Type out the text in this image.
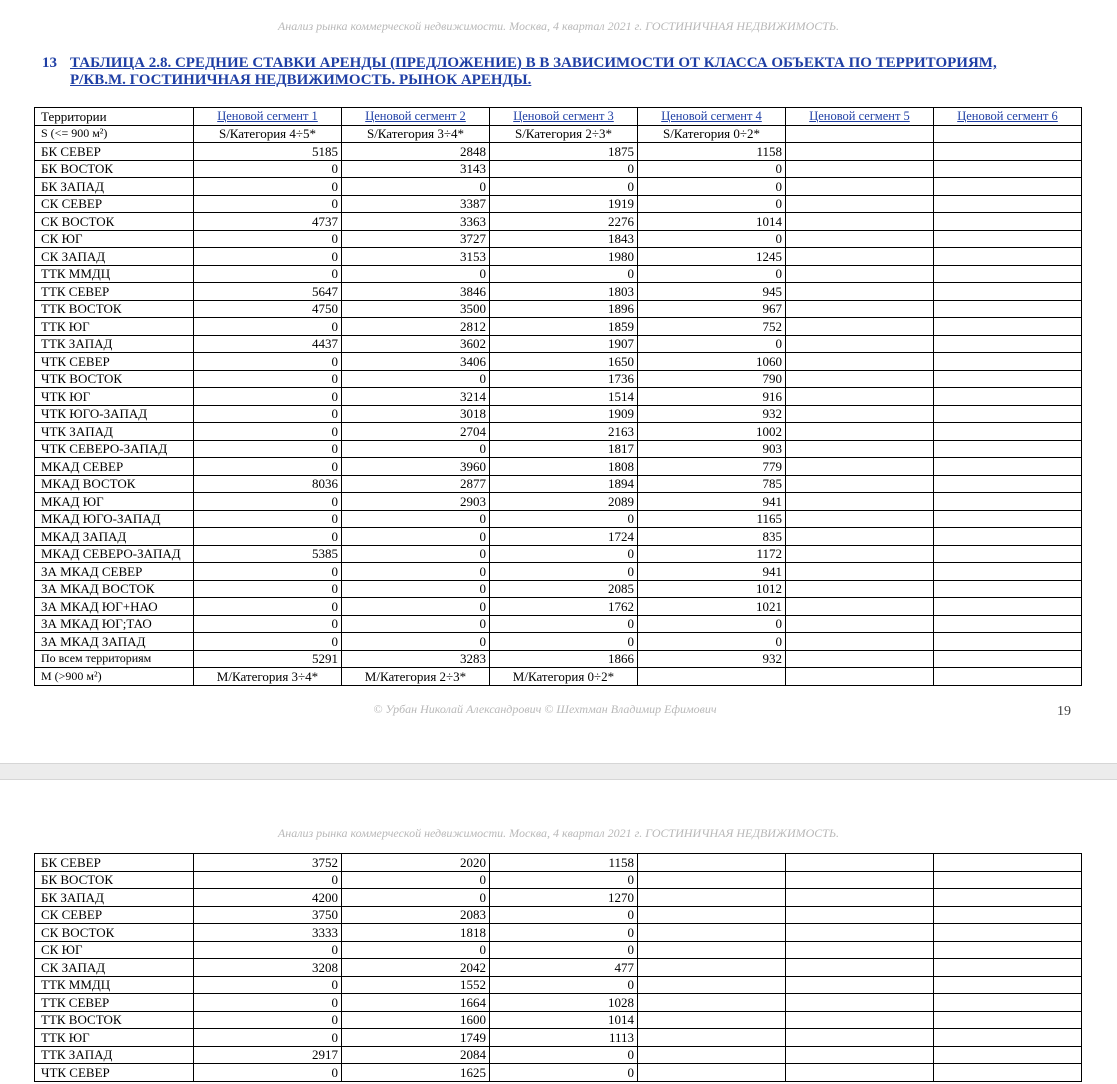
Анализ рынка коммерческой недвижимости. Москва, 4 квартал 2021 г. ГОСТИНИЧНАЯ НЕДВИЖИМОСТЬ.
13 ТАБЛИЦА 2.8. СРЕДНИЕ СТАВКИ АРЕНДЫ (ПРЕДЛОЖЕНИЕ) В В ЗАВИСИМОСТИ ОТ КЛАССА ОБЪЕКТА ПО ТЕРРИТОРИЯМ,
Р/КВ.М. ГОСТИНИЧНАЯ НЕДВИЖИМОСТЬ. РЫНОК АРЕНДЫ.
Территории	Ценовой сегмент 1	Ценовой сегмент 2	Ценовой сегмент 3	Ценовой сегмент 4	Ценовой сегмент 5	Ценовой сегмент 6
S (<= 900 м²)	S/Категория 4÷5*	S/Категория 3÷4*	S/Категория 2÷3*	S/Категория 0÷2*		
БК СЕВЕР	5185	2848	1875	1158		
БК ВОСТОК	0	3143	0	0		
БК ЗАПАД	0	0	0	0		
СК СЕВЕР	0	3387	1919	0		
СК ВОСТОК	4737	3363	2276	1014		
СК ЮГ	0	3727	1843	0		
СК ЗАПАД	0	3153	1980	1245		
ТТК ММДЦ	0	0	0	0		
ТТК СЕВЕР	5647	3846	1803	945		
ТТК ВОСТОК	4750	3500	1896	967		
ТТК ЮГ	0	2812	1859	752		
ТТК ЗАПАД	4437	3602	1907	0		
ЧТК СЕВЕР	0	3406	1650	1060		
ЧТК ВОСТОК	0	0	1736	790		
ЧТК ЮГ	0	3214	1514	916		
ЧТК ЮГО-ЗАПАД	0	3018	1909	932		
ЧТК ЗАПАД	0	2704	2163	1002		
ЧТК СЕВЕРО-ЗАПАД	0	0	1817	903		
МКАД СЕВЕР	0	3960	1808	779		
МКАД ВОСТОК	8036	2877	1894	785		
МКАД ЮГ	0	2903	2089	941		
МКАД ЮГО-ЗАПАД	0	0	0	1165		
МКАД ЗАПАД	0	0	1724	835		
МКАД СЕВЕРО-ЗАПАД	5385	0	0	1172		
ЗА МКАД СЕВЕР	0	0	0	941		
ЗА МКАД ВОСТОК	0	0	2085	1012		
ЗА МКАД ЮГ+НАО	0	0	1762	1021		
ЗА МКАД ЮГ;ТАО	0	0	0	0		
ЗА МКАД ЗАПАД	0	0	0	0		
По всем территориям	5291	3283	1866	932		
М (>900 м²)	М/Категория 3÷4*	М/Категория 2÷3*	М/Категория 0÷2*			
© Урбан Николай Александрович © Шехтман Владимир Ефимович	19
Анализ рынка коммерческой недвижимости. Москва, 4 квартал 2021 г. ГОСТИНИЧНАЯ НЕДВИЖИМОСТЬ.
БК СЕВЕР	3752	2020	1158			
БК ВОСТОК	0	0	0			
БК ЗАПАД	4200	0	1270			
СК СЕВЕР	3750	2083	0			
СК ВОСТОК	3333	1818	0			
СК ЮГ	0	0	0			
СК ЗАПАД	3208	2042	477			
ТТК ММДЦ	0	1552	0			
ТТК СЕВЕР	0	1664	1028			
ТТК ВОСТОК	0	1600	1014			
ТТК ЮГ	0	1749	1113			
ТТК ЗАПАД	2917	2084	0			
ЧТК СЕВЕР	0	1625	0			
